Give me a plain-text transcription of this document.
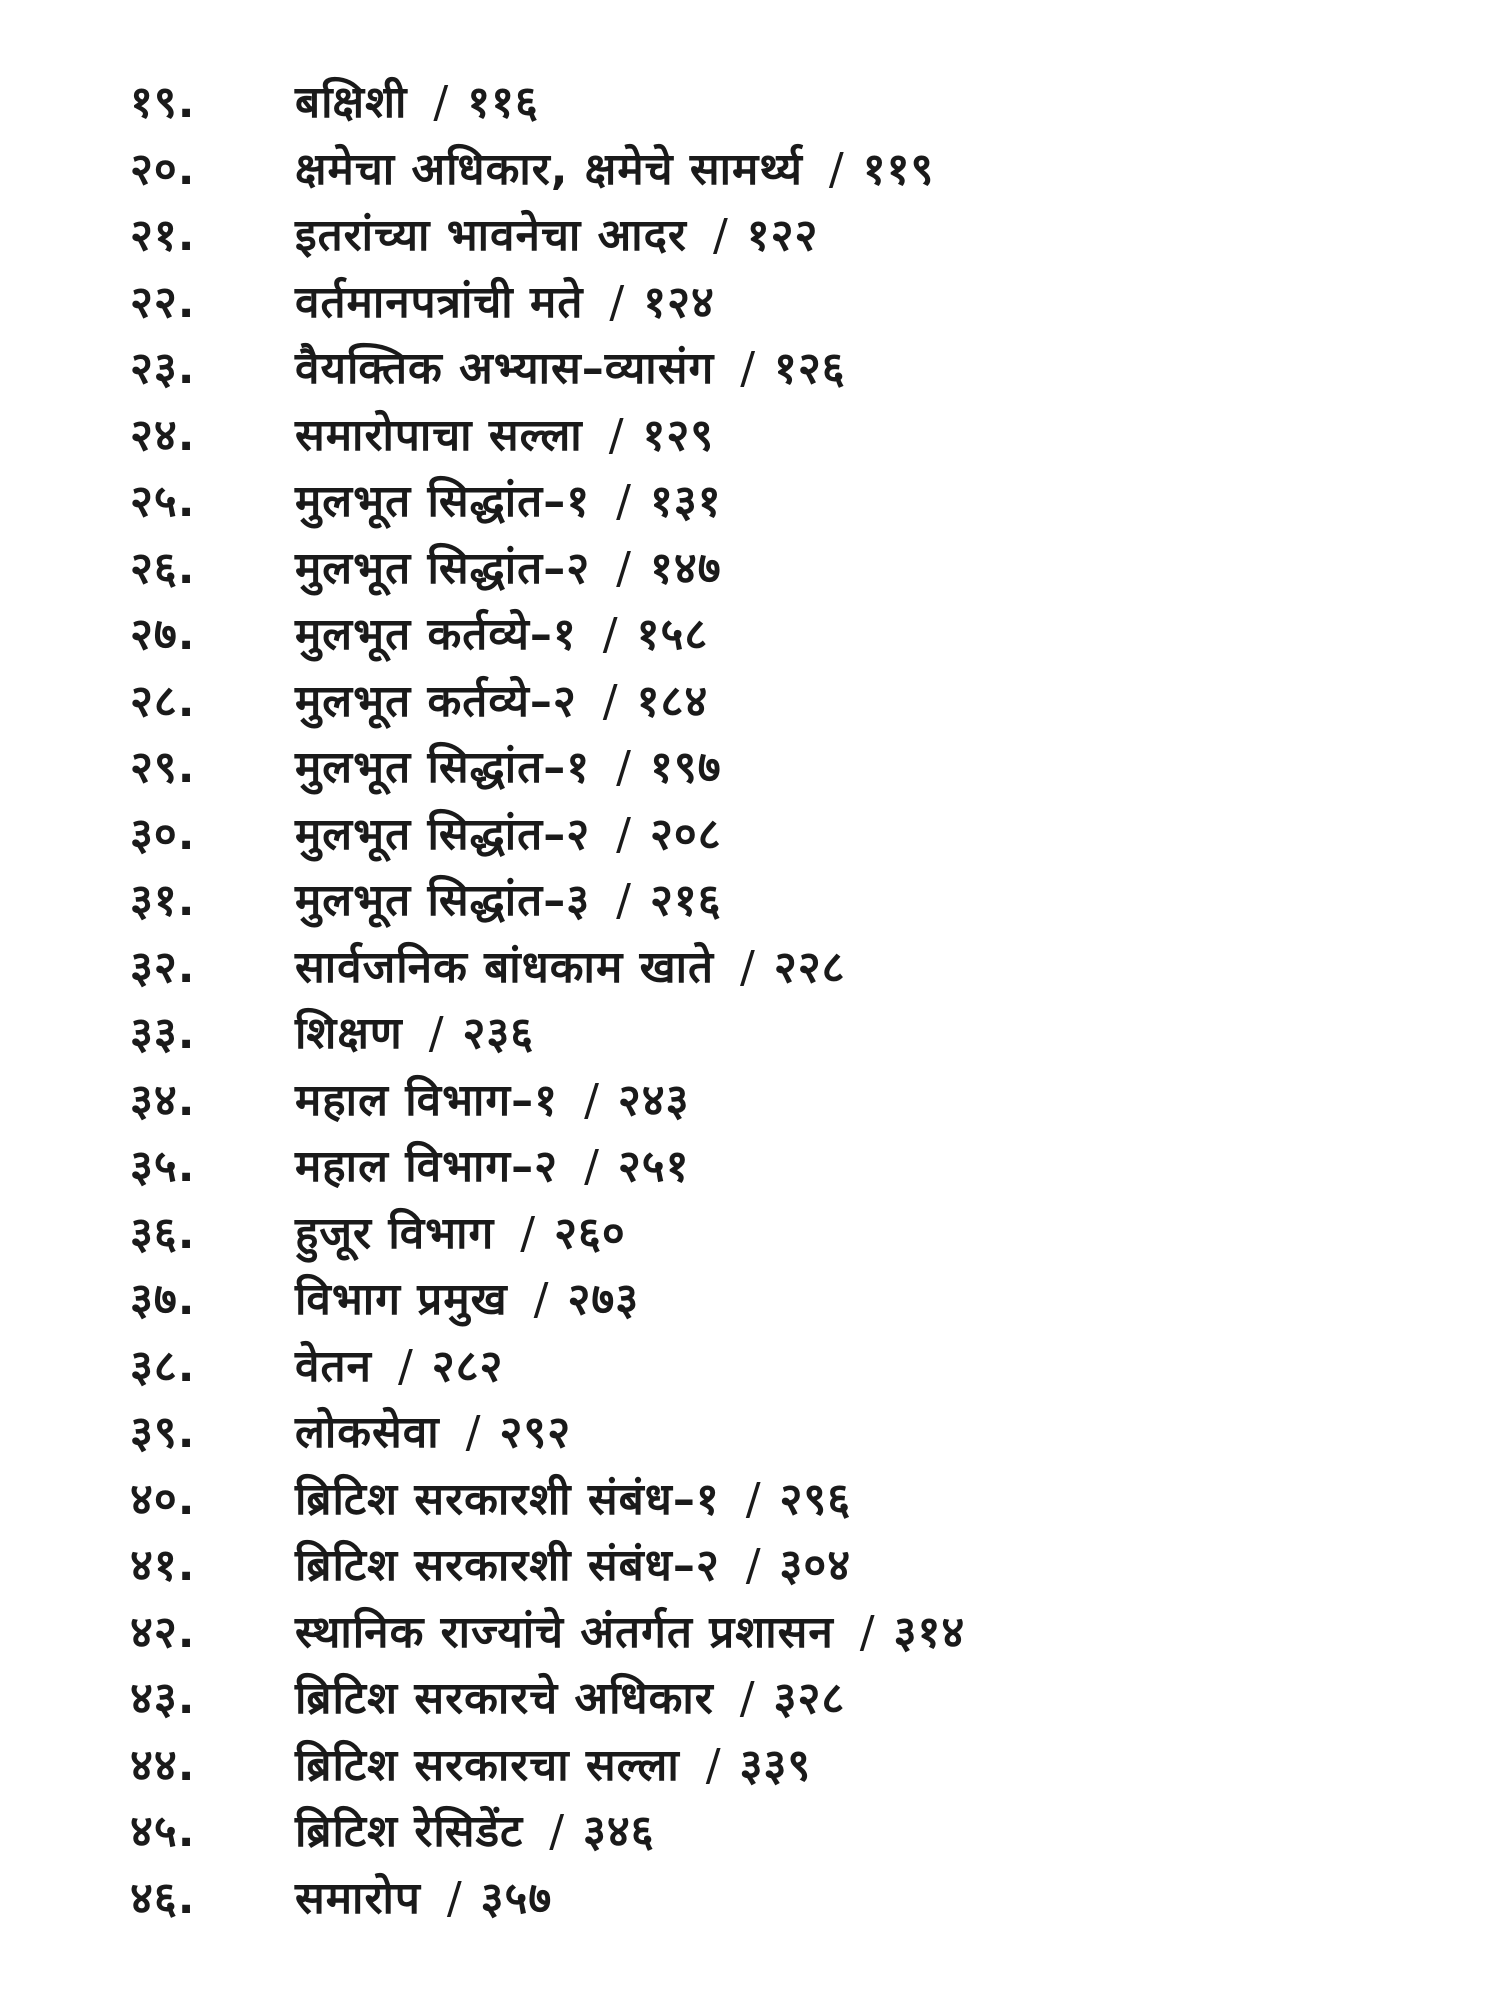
१९.	बक्षिशी / ११६
२०.	क्षमेचा अधिकार, क्षमेचे सामर्थ्य / ११९
२१.	इतरांच्या भावनेचा आदर / १२२
२२.	वर्तमानपत्रांची मते / १२४
२३.	वैयक्तिक अभ्यास–व्यासंग / १२६
२४.	समारोपाचा सल्ला / १२९
२५.	मुलभूत सिद्धांत–१ / १३१
२६.	मुलभूत सिद्धांत–२ / १४७
२७.	मुलभूत कर्तव्ये–१ / १५८
२८.	मुलभूत कर्तव्ये–२ / १८४
२९.	मुलभूत सिद्धांत–१ / १९७
३०.	मुलभूत सिद्धांत–२ / २०८
३१.	मुलभूत सिद्धांत–३ / २१६
३२.	सार्वजनिक बांधकाम खाते / २२८
३३.	शिक्षण / २३६
३४.	महाल विभाग–१ / २४३
३५.	महाल विभाग–२ / २५१
३६.	हुजूर विभाग / २६०
३७.	विभाग प्रमुख / २७३
३८.	वेतन / २८२
३९.	लोकसेवा / २९२
४०.	ब्रिटिश सरकारशी संबंध–१ / २९६
४१.	ब्रिटिश सरकारशी संबंध–२ / ३०४
४२.	स्थानिक राज्यांचे अंतर्गत प्रशासन / ३१४
४३.	ब्रिटिश सरकारचे अधिकार / ३२८
४४.	ब्रिटिश सरकारचा सल्ला / ३३९
४५.	ब्रिटिश रेसिडेंट / ३४६
४६.	समारोप / ३५७
